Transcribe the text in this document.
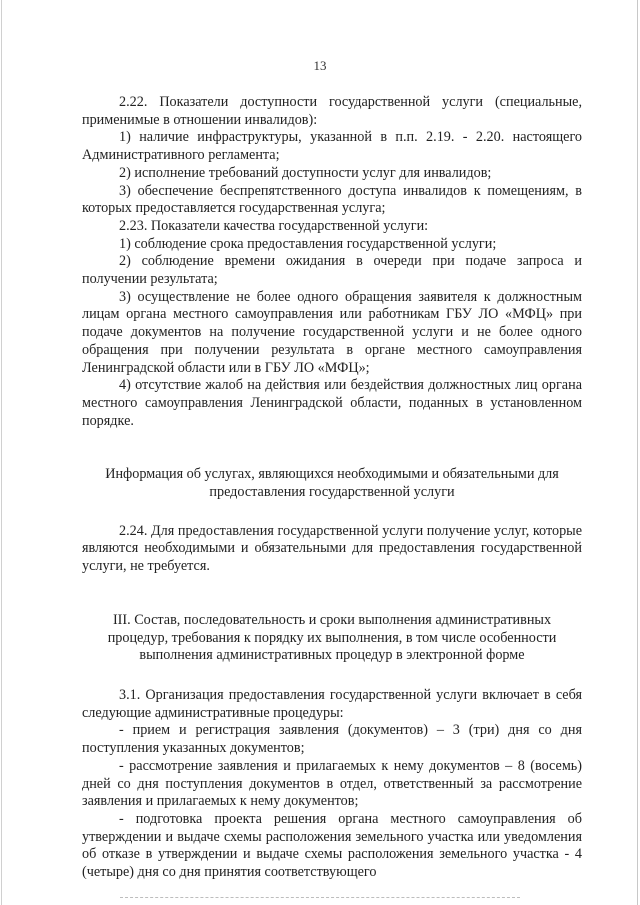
13

2.22. Показатели доступности государственной услуги (специальные, применимые в отношении инвалидов):

1) наличие инфраструктуры, указанной в п.п. 2.19. - 2.20. настоящего Административного регламента;

2) исполнение требований доступности услуг для инвалидов;

3) обеспечение беспрепятственного доступа инвалидов к помещениям, в которых предоставляется государственная услуга;

2.23. Показатели качества государственной услуги:

1) соблюдение срока предоставления государственной услуги;

2) соблюдение времени ожидания в очереди при подаче запроса и получении результата;

3) осуществление не более одного обращения заявителя к должностным лицам органа местного самоуправления или работникам ГБУ ЛО «МФЦ» при подаче документов на получение государственной услуги и не более одного обращения при получении результата в органе местного самоуправления Ленинградской области или в ГБУ ЛО «МФЦ»;

4) отсутствие жалоб на действия или бездействия должностных лиц органа местного самоуправления Ленинградской области, поданных в установленном порядке.

Информация об услугах, являющихся необходимыми и обязательными для предоставления государственной услуги

2.24. Для предоставления государственной услуги получение услуг, которые являются необходимыми и обязательными для предоставления государственной услуги, не требуется.

III. Состав, последовательность и сроки выполнения административных процедур, требования к порядку их выполнения, в том числе особенности выполнения административных процедур в электронной форме

3.1. Организация предоставления государственной услуги включает в себя следующие административные процедуры:

- прием и регистрация заявления (документов) – 3 (три) дня со дня поступления указанных документов;

- рассмотрение заявления и прилагаемых к нему документов – 8 (восемь) дней со дня поступления документов в отдел, ответственный за рассмотрение заявления и прилагаемых к нему документов;

- подготовка проекта решения органа местного самоуправления об утверждении и выдаче схемы расположения земельного участка или уведомления об отказе в утверждении и выдаче схемы расположения земельного участка - 4 (четыре) дня со дня принятия соответствующего
